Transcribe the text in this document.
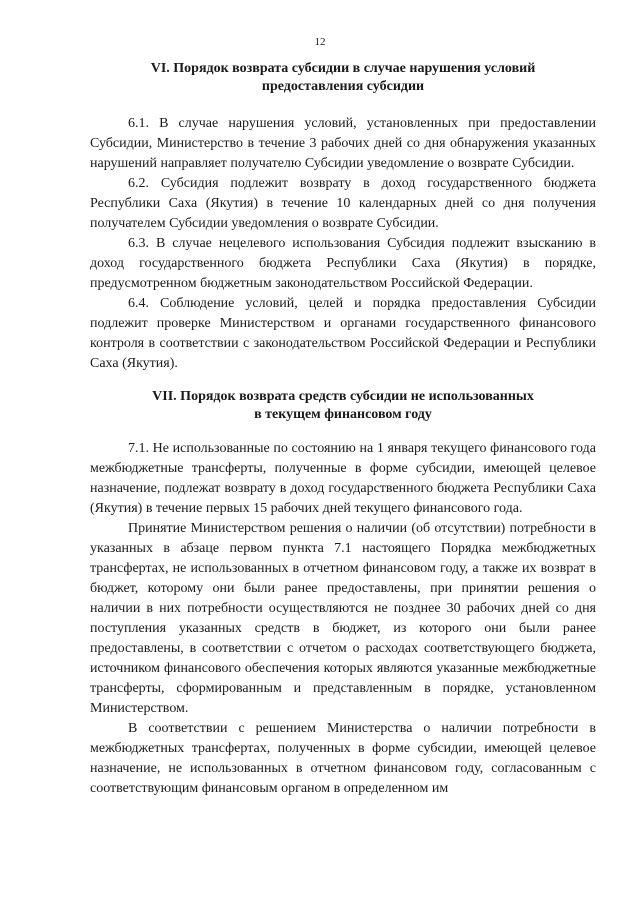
12
VI. Порядок возврата субсидии в случае нарушения условий
предоставления субсидии

6.1. В случае нарушения условий, установленных при предоставлении Субсидии, Министерство в течение 3 рабочих дней со дня обнаружения указанных нарушений направляет получателю Субсидии уведомление о возврате Субсидии.

6.2. Субсидия подлежит возврату в доход государственного бюджета Республики Саха (Якутия) в течение 10 календарных дней со дня получения получателем Субсидии уведомления о возврате Субсидии.

6.3. В случае нецелевого использования Субсидия подлежит взысканию в доход государственного бюджета Республики Саха (Якутия) в порядке, предусмотренном бюджетным законодательством Российской Федерации.

6.4. Соблюдение условий, целей и порядка предоставления Субсидии подлежит проверке Министерством и органами государственного финансового контроля в соответствии с законодательством Российской Федерации и Республики Саха (Якутия).

VII. Порядок возврата средств субсидии не использованных
в текущем финансовом году

7.1. Не использованные по состоянию на 1 января текущего финансового года межбюджетные трансферты, полученные в форме субсидии, имеющей целевое назначение, подлежат возврату в доход государственного бюджета Республики Саха (Якутия) в течение первых 15 рабочих дней текущего финансового года.

Принятие Министерством решения о наличии (об отсутствии) потребности в указанных в абзаце первом пункта 7.1 настоящего Порядка межбюджетных трансфертах, не использованных в отчетном финансовом году, а также их возврат в бюджет, которому они были ранее предоставлены, при принятии решения о наличии в них потребности осуществляются не позднее 30 рабочих дней со дня поступления указанных средств в бюджет, из которого они были ранее предоставлены, в соответствии с отчетом о расходах соответствующего бюджета, источником финансового обеспечения которых являются указанные межбюджетные трансферты, сформированным и представленным в порядке, установленном Министерством.

В соответствии с решением Министерства о наличии потребности в межбюджетных трансфертах, полученных в форме субсидии, имеющей целевое назначение, не использованных в отчетном финансовом году, согласованным с соответствующим финансовым органом в определенном им
